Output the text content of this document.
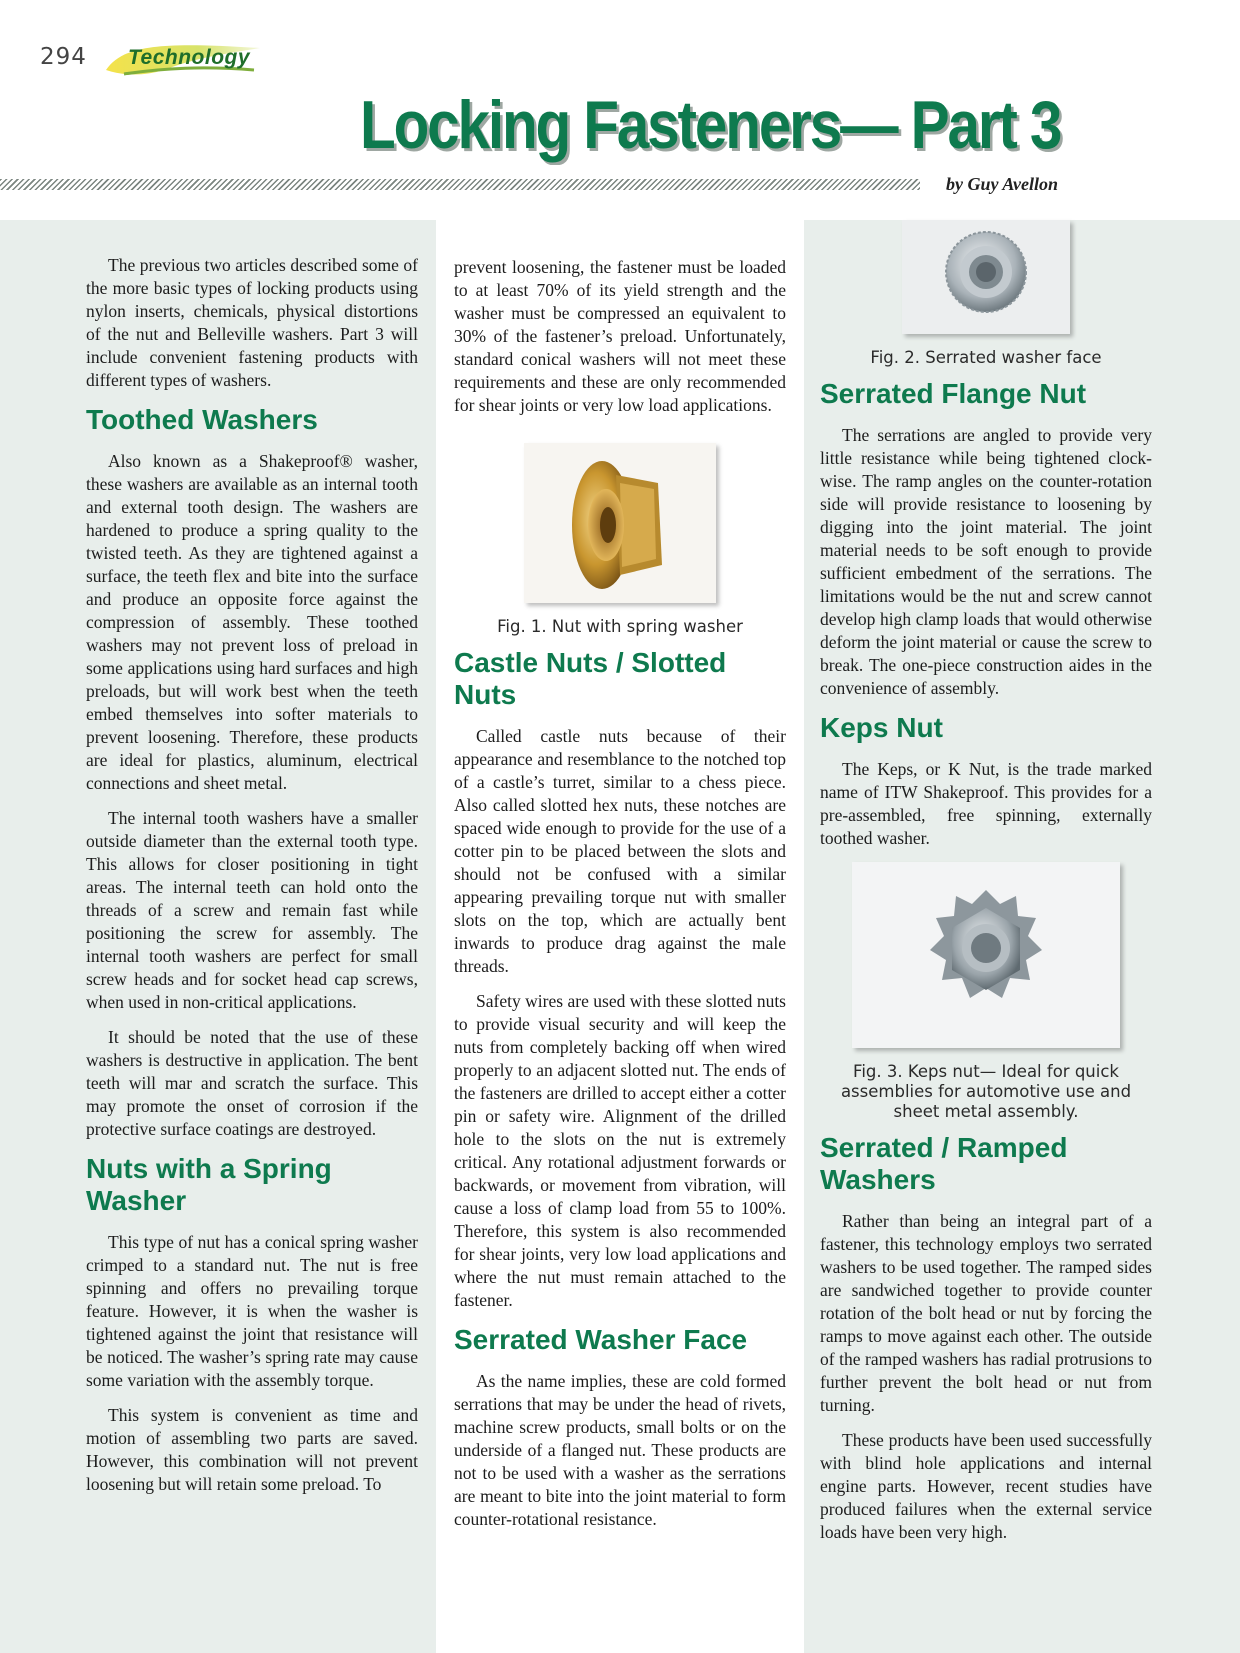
294 Technology
Locking Fasteners— Part 3
by Guy Avellon

The previous two articles described some of the more basic types of locking products using nylon inserts, chemicals, physical distortions of the nut and Belleville washers. Part 3 will include convenient fastening products with different types of washers.

Toothed Washers

Also known as a Shakeproof® washer, these washers are available as an internal tooth and external tooth design. The washers are hardened to produce a spring quality to the twisted teeth. As they are tightened against a surface, the teeth flex and bite into the surface and produce an opposite force against the compression of assembly. These toothed washers may not prevent loss of preload in some applications using hard surfaces and high preloads, but will work best when the teeth embed themselves into softer materials to prevent loosening. Therefore, these products are ideal for plastics, aluminum, electrical connections and sheet metal.

The internal tooth washers have a smaller outside diameter than the external tooth type. This allows for closer positioning in tight areas. The internal teeth can hold onto the threads of a screw and remain fast while positioning the screw for assembly. The internal tooth washers are perfect for small screw heads and for socket head cap screws, when used in non-critical applications.

It should be noted that the use of these washers is destructive in application. The bent teeth will mar and scratch the surface. This may promote the onset of corrosion if the protective surface coatings are destroyed.

Nuts with a Spring Washer

This type of nut has a conical spring washer crimped to a standard nut. The nut is free spinning and offers no prevailing torque feature. However, it is when the washer is tightened against the joint that resistance will be noticed. The washer’s spring rate may cause some variation with the assembly torque.

This system is convenient as time and motion of assembling two parts are saved. However, this combination will not prevent loosening but will retain some preload. To

prevent loosening, the fastener must be loaded to at least 70% of its yield strength and the washer must be compressed an equivalent to 30% of the fastener’s preload. Unfortunately, standard conical washers will not meet these requirements and these are only recommended for shear joints or very low load applications.

Fig. 1. Nut with spring washer
Castle Nuts / Slotted Nuts

Called castle nuts because of their appearance and resemblance to the notched top of a castle’s turret, similar to a chess piece. Also called slotted hex nuts, these notches are spaced wide enough to provide for the use of a cotter pin to be placed between the slots and should not be confused with a similar appearing prevailing torque nut with smaller slots on the top, which are actually bent inwards to produce drag against the male threads.

Safety wires are used with these slotted nuts to provide visual security and will keep the nuts from completely backing off when wired properly to an adjacent slotted nut. The ends of the fasteners are drilled to accept either a cotter pin or safety wire. Alignment of the drilled hole to the slots on the nut is extremely critical. Any rotational adjustment forwards or backwards, or movement from vibration, will cause a loss of clamp load from 55 to 100%. Therefore, this system is also recommended for shear joints, very low load applications and where the nut must remain attached to the fastener.

Serrated Washer Face

As the name implies, these are cold formed serrations that may be under the head of rivets, machine screw products, small bolts or on the underside of a flanged nut. These products are not to be used with a washer as the serrations are meant to bite into the joint material to form counter-rotational resistance.

Fig. 2. Serrated washer face
Serrated Flange Nut

The serrations are angled to provide very little resistance while being tightened clock-wise. The ramp angles on the counter-rotation side will provide resistance to loosening by digging into the joint material. The joint material needs to be soft enough to provide sufficient embedment of the serrations. The limitations would be the nut and screw cannot develop high clamp loads that would otherwise deform the joint material or cause the screw to break. The one-piece construction aides in the convenience of assembly.

Keps Nut

The Keps, or K Nut, is the trade marked name of ITW Shakeproof. This provides for a pre-assembled, free spinning, externally toothed washer.

Fig. 3. Keps nut— Ideal for quick assemblies for automotive use and sheet metal assembly.
Serrated / Ramped Washers

Rather than being an integral part of a fastener, this technology employs two serrated washers to be used together. The ramped sides are sandwiched together to provide counter rotation of the bolt head or nut by forcing the ramps to move against each other. The outside of the ramped washers has radial protrusions to further prevent the bolt head or nut from turning.

These products have been used successfully with blind hole applications and internal engine parts. However, recent studies have produced failures when the external service loads have been very high.
